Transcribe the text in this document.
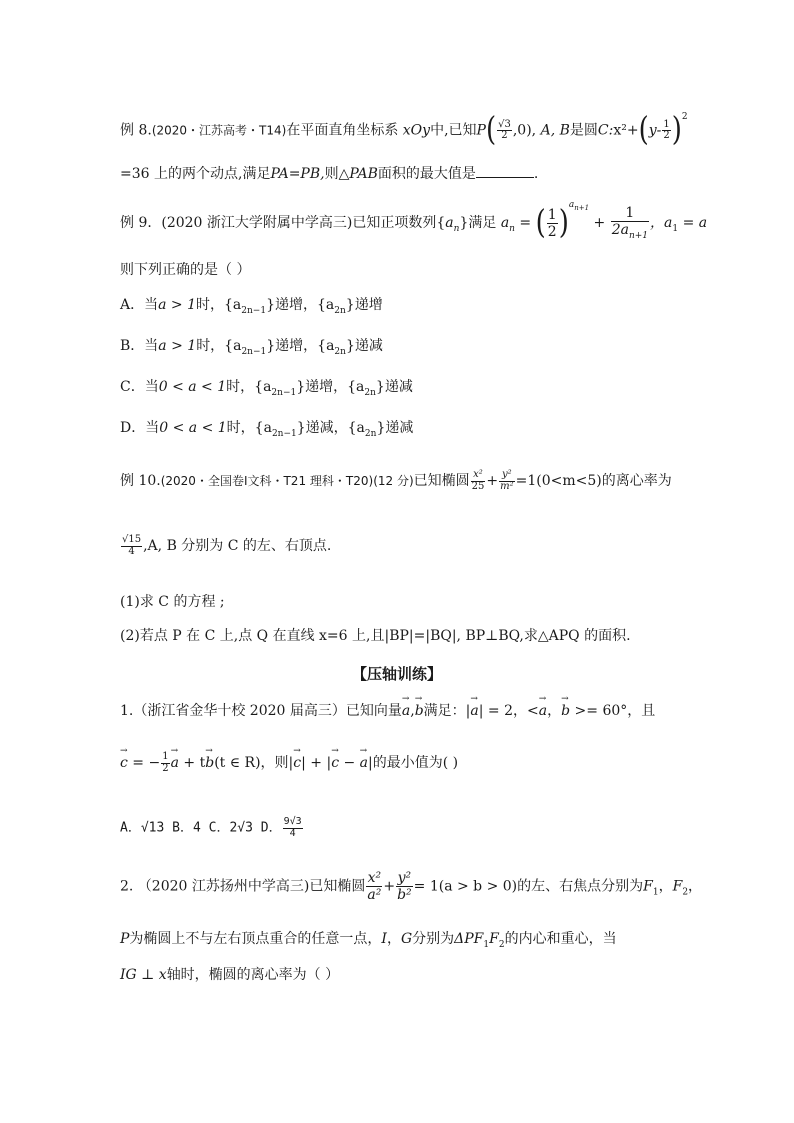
例 8.(2020・江苏高考・T14)在平面直角坐标系 xOy中,已知$P( \frac{√3}{2} ,0)$, A, B是圆C:x²+(y- $\frac{1}{2} )^2$
=36 上的两个动点,满足PA=PB,则△PAB面积的最大值是	.
例 9．(2020 浙江大学附属中学高三)已知正项数列$\{a_n\}$满足 $a_n$ = ( $\frac{1}{2} )^{a_{n+1}} + \frac{1}{2a_{n+1}}$ ，$a_1 = a$
则下列正确的是（ ）
A．当a > 1时，$\{a_{2n-1}\}$递增，$\{a_{2n}\}$递增
B．当a > 1时，$\{a_{2n-1}\}$递增，$\{a_{2n}\}$递减
C．当0 < a < 1时，$\{a_{2n-1}\}$递增，$\{a_{2n}\}$递减
D．当0 < a < 1时，$\{a_{2n-1}\}$递减，$\{a_{2n}\}$递减
例 10.(2020・全国卷Ⅰ文科・T21 理科・T20)(12 分)已知椭圆 $\frac{\text{x²}}{25} + \frac{\text{y²}}{\text{m²}} =1(0<m<5)$的离心率为
$\frac{√15}{4} ,A$, B 分别为 C 的左、右顶点.
(1)求 C 的方程 ;
(2)若点 P 在 C 上,点 Q 在直线 x=6 上,且|BP|=|BQ|, BP⊥BQ,求△APQ 的面积.
【压轴训练】
1.（浙江省金华十校 2020 届高三）已知向量→ a,→ b满足：|→ a| = 2，<→ a，→ b >= 60°，且
→ c = − $\frac{1}{2}$
→ a + t→ b(t ∈ R)，则|→ c| + |→ c − → a|的最小值为( )
A．√13 B．4 C．2√3 D． $\frac{9√3}{4}$
2. （2020 江苏扬州中学高三)已知椭圆 $\frac{\text{x²}}{\text{a²}} + \frac{\text{y²}}{\text{b²}} = 1(a > b > 0)$的左、右焦点分别为$F_1$，$F_2$，
P为椭圆上不与左右顶点重合的任意一点，I，G分别为$\Delta PF_1F_2$的内心和重心，当
IG ⊥ x轴时，椭圆的离心率为（ ）
